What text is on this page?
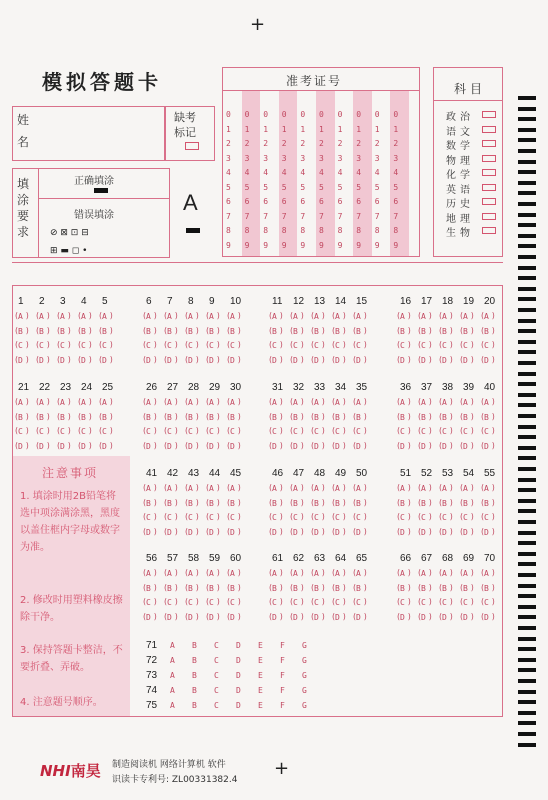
+
模拟答题卡
姓
名
缺考
标记
填
涂
要
求
正确填涂
错误填涂
⊘ ⊠ ⊡ ⊟
⊞ ▬ ◻ •
A
准考证号
0
1
2
3
4
5
6
7
8
9
0
1
2
3
4
5
6
7
8
9
0
1
2
3
4
5
6
7
8
9
0
1
2
3
4
5
6
7
8
9
0
1
2
3
4
5
6
7
8
9
0
1
2
3
4
5
6
7
8
9
0
1
2
3
4
5
6
7
8
9
0
1
2
3
4
5
6
7
8
9
0
1
2
3
4
5
6
7
8
9
0
1
2
3
4
5
6
7
8
9
科目
政 治
语 文
数 学
物 理
化 学
英 语
历 史
地 理
生 物
1
A
( )
B
( )
C
( )
D
( )
2
A
( )
B
( )
C
( )
D
( )
3
A
( )
B
( )
C
( )
D
( )
4
A
( )
B
( )
C
( )
D
( )
5
A
( )
B
( )
C
( )
D
( )
6
A
( )
B
( )
C
( )
D
( )
7
A
( )
B
( )
C
( )
D
( )
8
A
( )
B
( )
C
( )
D
( )
9
A
( )
B
( )
C
( )
D
( )
10
A
( )
B
( )
C
( )
D
( )
11
A
( )
B
( )
C
( )
D
( )
12
A
( )
B
( )
C
( )
D
( )
13
A
( )
B
( )
C
( )
D
( )
14
A
( )
B
( )
C
( )
D
( )
15
A
( )
B
( )
C
( )
D
( )
16
A
( )
B
( )
C
( )
D
( )
17
A
( )
B
( )
C
( )
D
( )
18
A
( )
B
( )
C
( )
D
( )
19
A
( )
B
( )
C
( )
D
( )
20
A
( )
B
( )
C
( )
D
( )
21
A
( )
B
( )
C
( )
D
( )
22
A
( )
B
( )
C
( )
D
( )
23
A
( )
B
( )
C
( )
D
( )
24
A
( )
B
( )
C
( )
D
( )
25
A
( )
B
( )
C
( )
D
( )
26
A
( )
B
( )
C
( )
D
( )
27
A
( )
B
( )
C
( )
D
( )
28
A
( )
B
( )
C
( )
D
( )
29
A
( )
B
( )
C
( )
D
( )
30
A
( )
B
( )
C
( )
D
( )
31
A
( )
B
( )
C
( )
D
( )
32
A
( )
B
( )
C
( )
D
( )
33
A
( )
B
( )
C
( )
D
( )
34
A
( )
B
( )
C
( )
D
( )
35
A
( )
B
( )
C
( )
D
( )
36
A
( )
B
( )
C
( )
D
( )
37
A
( )
B
( )
C
( )
D
( )
38
A
( )
B
( )
C
( )
D
( )
39
A
( )
B
( )
C
( )
D
( )
40
A
( )
B
( )
C
( )
D
( )
41
A
( )
B
( )
C
( )
D
( )
42
A
( )
B
( )
C
( )
D
( )
43
A
( )
B
( )
C
( )
D
( )
44
A
( )
B
( )
C
( )
D
( )
45
A
( )
B
( )
C
( )
D
( )
46
A
( )
B
( )
C
( )
D
( )
47
A
( )
B
( )
C
( )
D
( )
48
A
( )
B
( )
C
( )
D
( )
49
A
( )
B
( )
C
( )
D
( )
50
A
( )
B
( )
C
( )
D
( )
51
A
( )
B
( )
C
( )
D
( )
52
A
( )
B
( )
C
( )
D
( )
53
A
( )
B
( )
C
( )
D
( )
54
A
( )
B
( )
C
( )
D
( )
55
A
( )
B
( )
C
( )
D
( )
56
A
( )
B
( )
C
( )
D
( )
57
A
( )
B
( )
C
( )
D
( )
58
A
( )
B
( )
C
( )
D
( )
59
A
( )
B
( )
C
( )
D
( )
60
A
( )
B
( )
C
( )
D
( )
61
A
( )
B
( )
C
( )
D
( )
62
A
( )
B
( )
C
( )
D
( )
63
A
( )
B
( )
C
( )
D
( )
64
A
( )
B
( )
C
( )
D
( )
65
A
( )
B
( )
C
( )
D
( )
66
A
( )
B
( )
C
( )
D
( )
67
A
( )
B
( )
C
( )
D
( )
68
A
( )
B
( )
C
( )
D
( )
69
A
( )
B
( )
C
( )
D
( )
70
A
( )
B
( )
C
( )
D
( )
71 A B C D E F G
72 A B C D E F G
73 A B C D E F G
74 A B C D E F G
75 A B C D E F G
注意事项
1. 填涂时用2B铅笔将选中项涂满涂黑，黑度以盖住框内字母或数字为准。
2. 修改时用塑料橡皮擦除干净。
3. 保持答题卡整洁，不要折叠、弄破。
4. 注意题号顺序。
NHI南昊 制造阅读机 网络计算机 软件
识读卡专利号: ZL00331382.4
+
